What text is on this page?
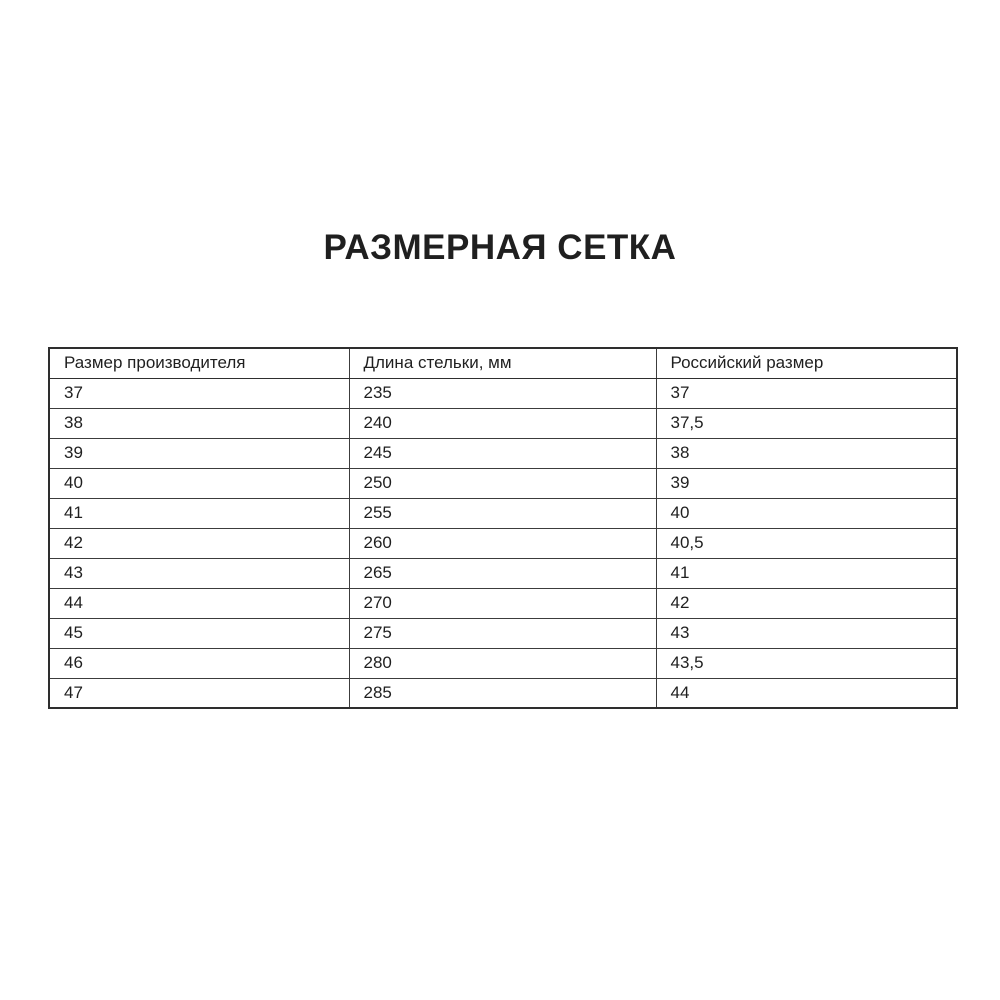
РАЗМЕРНАЯ СЕТКА
Размер производителя	Длина стельки, мм	Российский размер
37	235	37
38	240	37,5
39	245	38
40	250	39
41	255	40
42	260	40,5
43	265	41
44	270	42
45	275	43
46	280	43,5
47	285	44
